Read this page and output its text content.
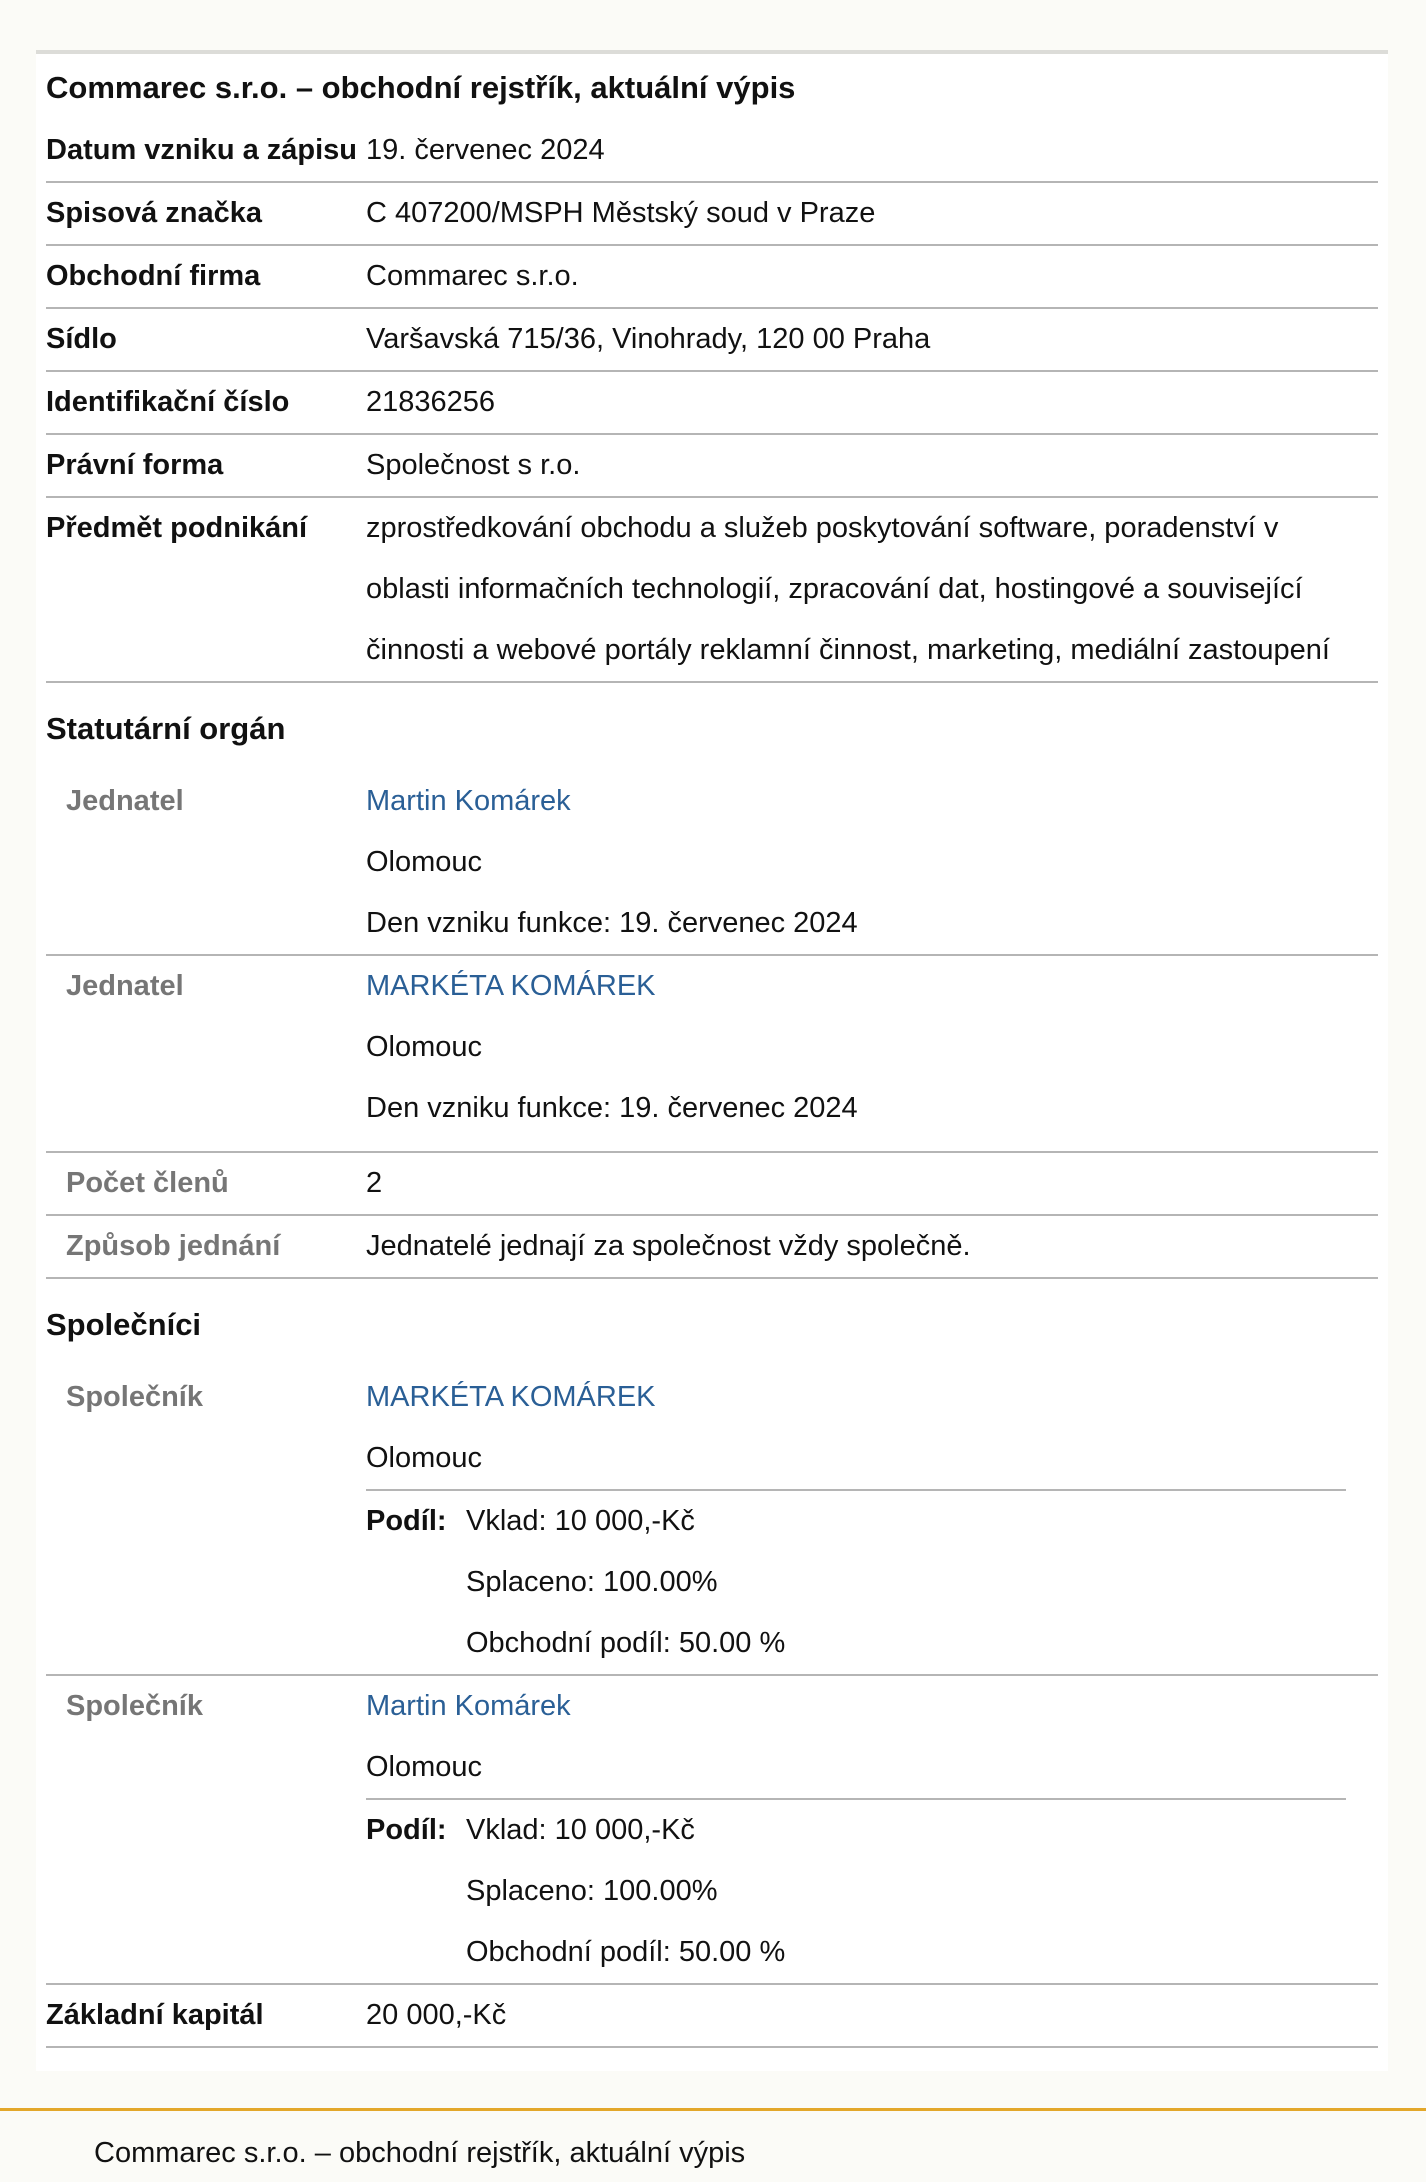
Commarec s.r.o. – obchodní rejstřík, aktuální výpis
Datum vzniku a zápisu 19. červenec 2024
Spisová značka	C 407200/MSPH Městský soud v Praze
Obchodní firma	Commarec s.r.o.
Sídlo	Varšavská 715/36, Vinohrady, 120 00 Praha
Identifikační číslo	21836256
Právní forma	Společnost s r.o.
Předmět podnikání	zprostředkování obchodu a služeb poskytování software, poradenství v
oblasti informačních technologií, zpracování dat, hostingové a související
činnosti a webové portály reklamní činnost, marketing, mediální zastoupení
Statutární orgán
Jednatel	Martin Komárek
Olomouc
Den vzniku funkce: 19. červenec 2024
Jednatel	MARKÉTA KOMÁREK
Olomouc
Den vzniku funkce: 19. červenec 2024
Počet členů	2
Způsob jednání	Jednatelé jednají za společnost vždy společně.
Společníci
Společník	MARKÉTA KOMÁREK
Olomouc
Podíl: Vklad: 10 000,-Kč
Splaceno: 100.00%
Obchodní podíl: 50.00 %
Společník	Martin Komárek
Olomouc
Podíl: Vklad: 10 000,-Kč
Splaceno: 100.00%
Obchodní podíl: 50.00 %
Základní kapitál	20 000,-Kč
Commarec s.r.o. – obchodní rejstřík, aktuální výpis
